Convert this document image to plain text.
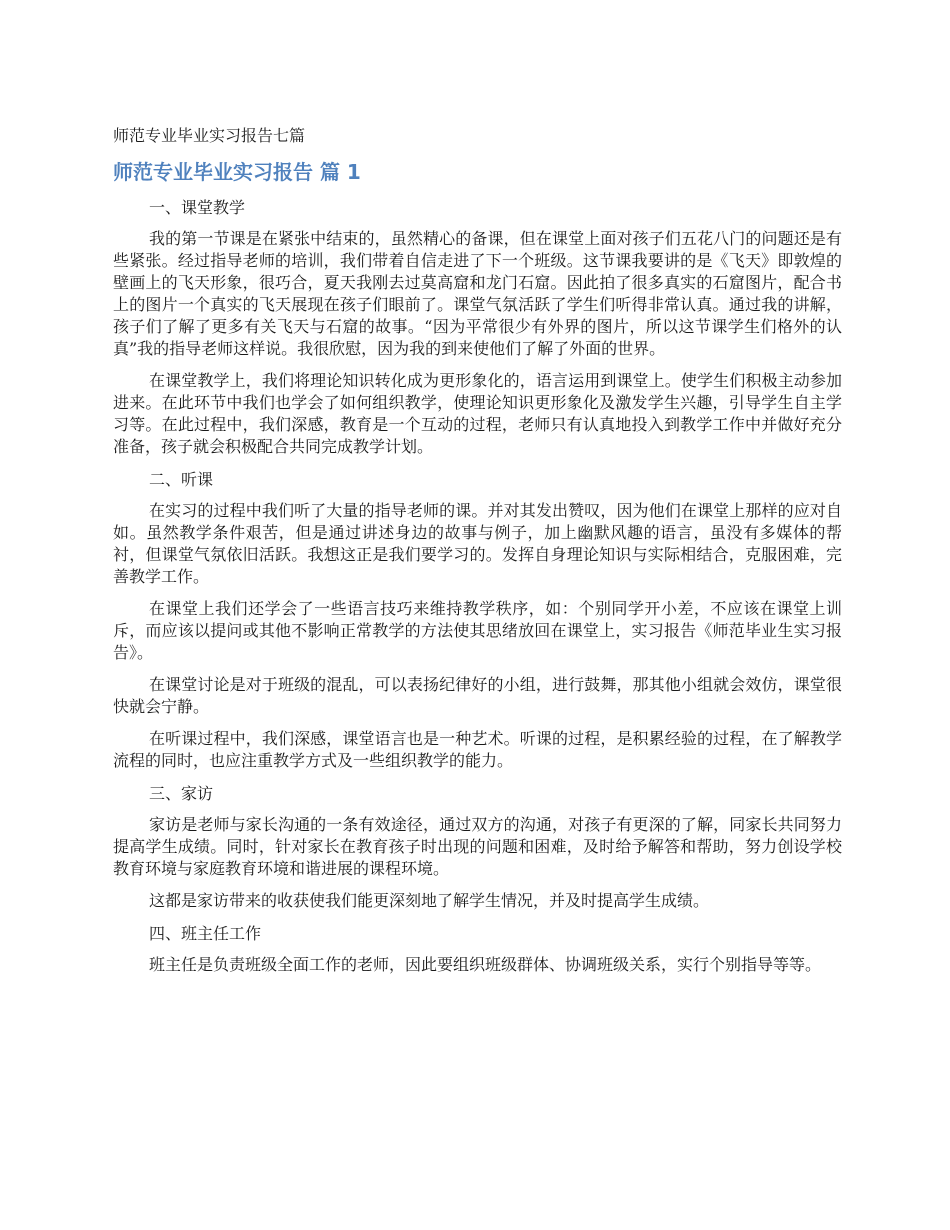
师范专业毕业实习报告七篇
师范专业毕业实习报告 篇 1
一、课堂教学

我的第一节课是在紧张中结束的，虽然精心的备课，但在课堂上面对孩子们五花八门的问题还是有些紧张。经过指导老师的培训，我们带着自信走进了下一个班级。这节课我要讲的是《飞天》即敦煌的壁画上的飞天形象，很巧合，夏天我刚去过莫高窟和龙门石窟。因此拍了很多真实的石窟图片，配合书上的图片一个真实的飞天展现在孩子们眼前了。课堂气氛活跃了学生们听得非常认真。通过我的讲解，孩子们了解了更多有关飞天与石窟的故事。“因为平常很少有外界的图片，所以这节课学生们格外的认真”我的指导老师这样说。我很欣慰，因为我的到来使他们了解了外面的世界。

在课堂教学上，我们将理论知识转化成为更形象化的，语言运用到课堂上。使学生们积极主动参加进来。在此环节中我们也学会了如何组织教学，使理论知识更形象化及激发学生兴趣，引导学生自主学习等。在此过程中，我们深感，教育是一个互动的过程，老师只有认真地投入到教学工作中并做好充分准备，孩子就会积极配合共同完成教学计划。

二、听课

在实习的过程中我们听了大量的指导老师的课。并对其发出赞叹，因为他们在课堂上那样的应对自如。虽然教学条件艰苦，但是通过讲述身边的故事与例子，加上幽默风趣的语言，虽没有多媒体的帮衬，但课堂气氛依旧活跃。我想这正是我们要学习的。发挥自身理论知识与实际相结合，克服困难，完善教学工作。

在课堂上我们还学会了一些语言技巧来维持教学秩序，如：个别同学开小差，不应该在课堂上训斥，而应该以提问或其他不影响正常教学的方法使其思绪放回在课堂上，实习报告《师范毕业生实习报告》。

在课堂讨论是对于班级的混乱，可以表扬纪律好的小组，进行鼓舞，那其他小组就会效仿，课堂很快就会宁静。

在听课过程中，我们深感，课堂语言也是一种艺术。听课的过程，是积累经验的过程，在了解教学流程的同时，也应注重教学方式及一些组织教学的能力。

三、家访

家访是老师与家长沟通的一条有效途径，通过双方的沟通，对孩子有更深的了解，同家长共同努力提高学生成绩。同时，针对家长在教育孩子时出现的问题和困难，及时给予解答和帮助，努力创设学校教育环境与家庭教育环境和谐进展的课程环境。

这都是家访带来的收获使我们能更深刻地了解学生情况，并及时提高学生成绩。

四、班主任工作

班主任是负责班级全面工作的老师，因此要组织班级群体、协调班级关系，实行个别指导等等。
